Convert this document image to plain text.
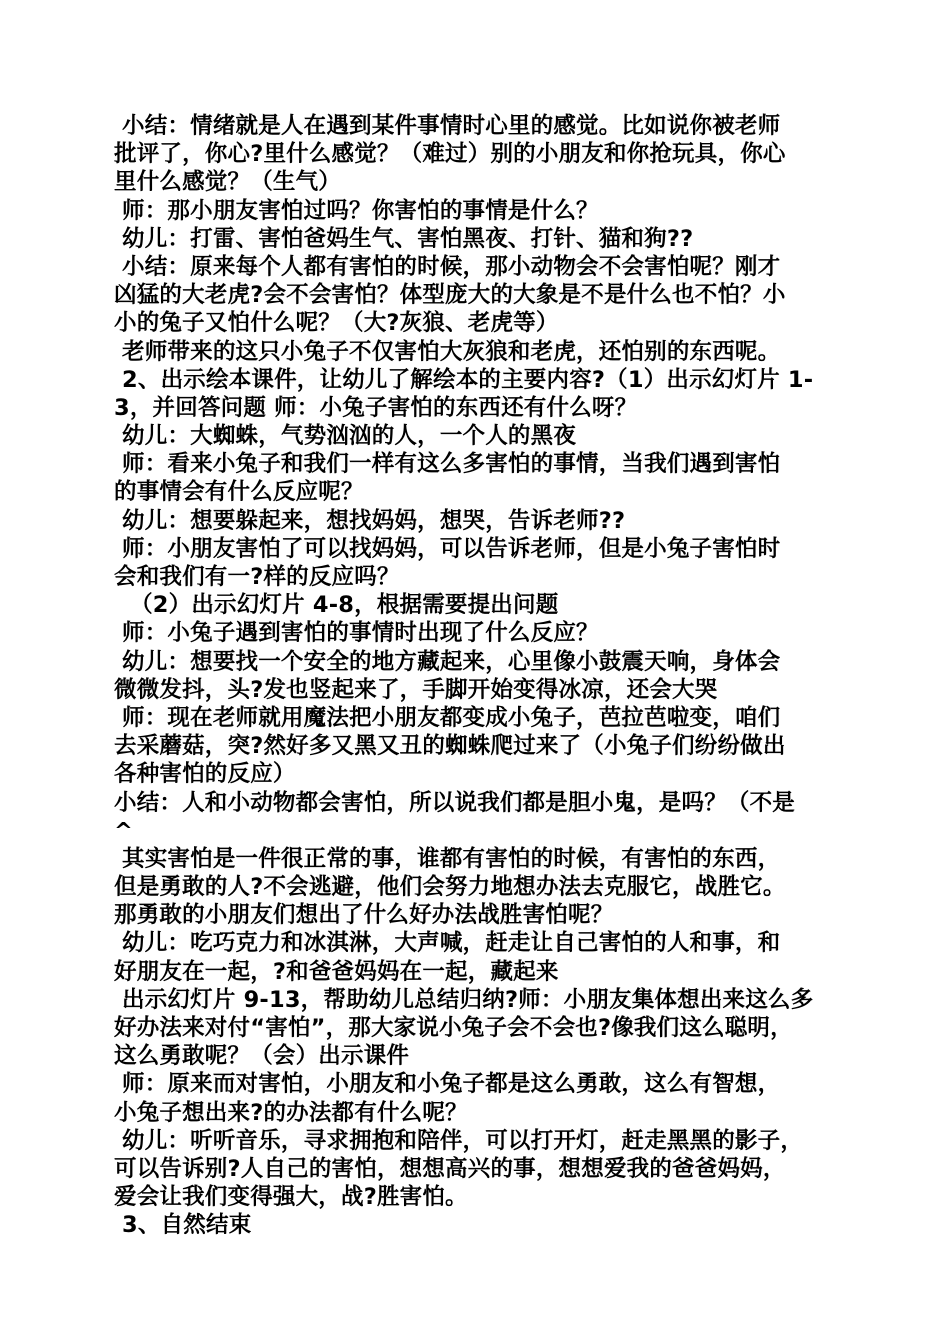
小结：情绪就是人在遇到某件事情时心里的感觉。比如说你被老师
批评了，你心?里什么感觉？（难过）别的小朋友和你抢玩具，你心
里什么感觉？（生气）
师：那小朋友害怕过吗？你害怕的事情是什么？
幼儿：打雷、害怕爸妈生气、害怕黑夜、打针、猫和狗??
小结：原来每个人都有害怕的时候，那小动物会不会害怕呢？刚才
凶猛的大老虎?会不会害怕？体型庞大的大象是不是什么也不怕？小
小的兔子又怕什么呢？（大?灰狼、老虎等）
老师带来的这只小兔子不仅害怕大灰狼和老虎，还怕别的东西呢。
2、出示绘本课件，让幼儿了解绘本的主要内容?（1）出示幻灯片 1-
3，并回答问题 师：小兔子害怕的东西还有什么呀？
幼儿：大蜘蛛，气势汹汹的人，一个人的黑夜
师：看来小兔子和我们一样有这么多害怕的事情，当我们遇到害怕
的事情会有什么反应呢？
幼儿：想要躲起来，想找妈妈，想哭，告诉老师??
师：小朋友害怕了可以找妈妈，可以告诉老师，但是小兔子害怕时
会和我们有一?样的反应吗？
（2）出示幻灯片 4-8，根据需要提出问题
师：小兔子遇到害怕的事情时出现了什么反应？
幼儿：想要找一个安全的地方藏起来，心里像小鼓震天响，身体会
微微发抖，头?发也竖起来了，手脚开始变得冰凉，还会大哭
师：现在老师就用魔法把小朋友都变成小兔子，芭拉芭啦变，咱们
去采蘑菇，突?然好多又黑又丑的蜘蛛爬过来了（小兔子们纷纷做出
各种害怕的反应）
小结：人和小动物都会害怕，所以说我们都是胆小鬼，是吗？（不是
^
其实害怕是一件很正常的事，谁都有害怕的时候，有害怕的东西，
但是勇敢的人?不会逃避，他们会努力地想办法去克服它，战胜它。
那勇敢的小朋友们想出了什么好办法战胜害怕呢？
幼儿：吃巧克力和冰淇淋，大声喊，赶走让自己害怕的人和事，和
好朋友在一起，?和爸爸妈妈在一起，藏起来
出示幻灯片 9-13，帮助幼儿总结归纳?师：小朋友集体想出来这么多
好办法来对付“害怕”，那大家说小兔子会不会也?像我们这么聪明，
这么勇敢呢？（会）出示课件
师：原来而对害怕，小朋友和小兔子都是这么勇敢，这么有智想，
小兔子想出来?的办法都有什么呢？
幼儿：听听音乐，寻求拥抱和陪伴，可以打开灯，赶走黑黑的影子，
可以告诉别?人自己的害怕，想想高兴的事，想想爱我的爸爸妈妈，
爱会让我们变得强大，战?胜害怕。
3、自然结束
